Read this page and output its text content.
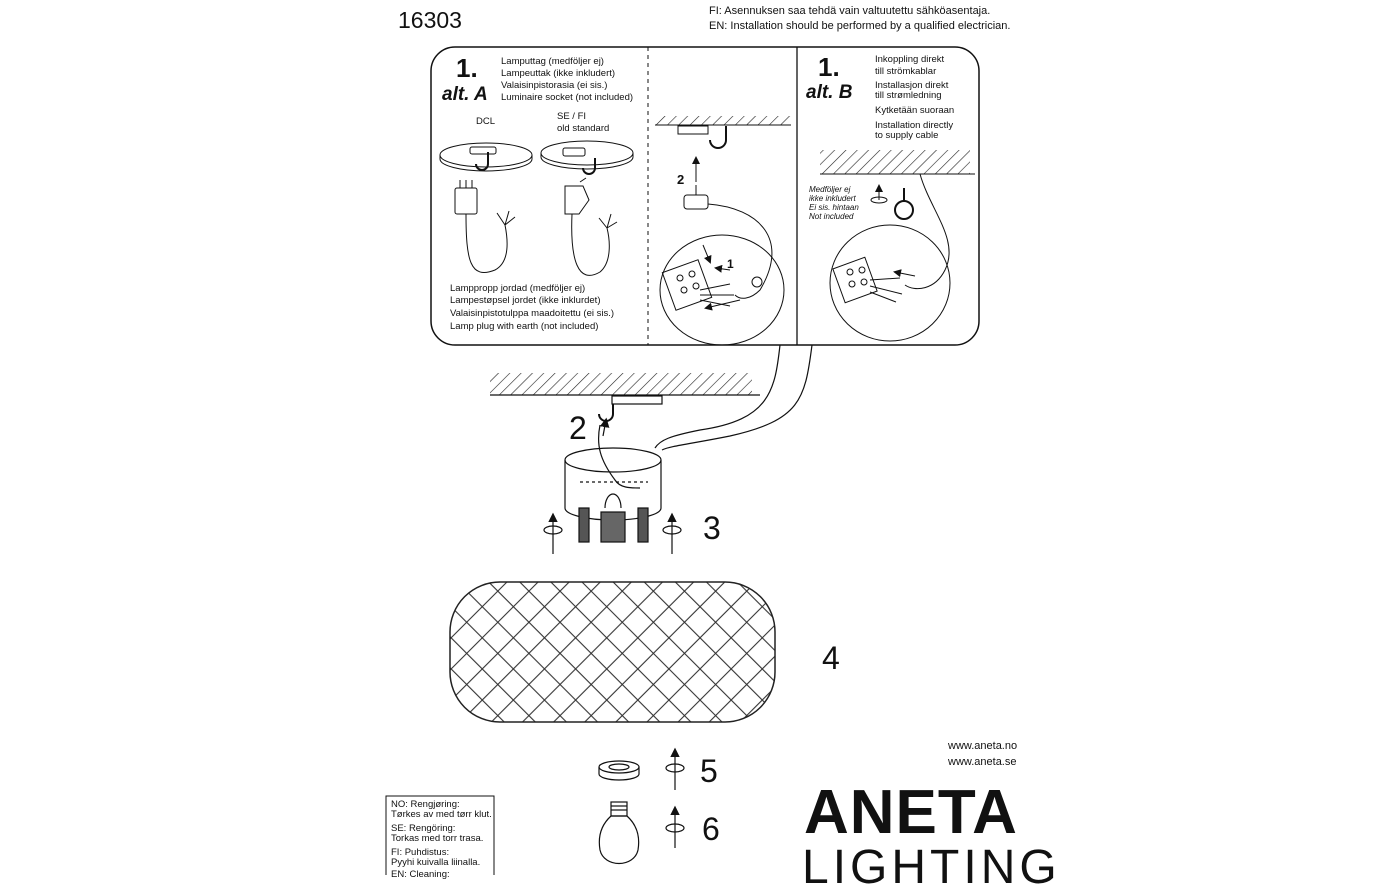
16303	FI: Asennuksen saa tehdä vain valtuutettu sähköasentaja.
EN: Installation should be performed by a qualified electrician.
1.
alt. A
Lamputtag (medföljer ej)
Lampeuttak (ikke inkludert)
Valaisinpistorasia (ei sis.)
Luminaire socket (not included)
DCL	SE / FI
old standard
Lamppropp jordad (medföljer ej)
Lampestøpsel jordet (ikke inklurdet)
Valaisinpistotulppa maadoitettu (ei sis.)
Lamp plug with earth (not included)
2
1
1.
alt. B
Inkoppling direkt
till strömkablar
Installasjon direkt
till strømledning
Kytketään suoraan
Installation directly
to supply cable
Medföljer ej
ikke inkludert
Ei sis. hintaan
Not included
2
3
4
5
6
www.aneta.no
www.aneta.se
ANETA
LIGHTING
NO: Rengjøring:
Tørkes av med tørr klut.
SE: Rengöring:
Torkas med torr trasa.
FI: Puhdistus:
Pyyhi kuivalla liinalla.
EN: Cleaning:
